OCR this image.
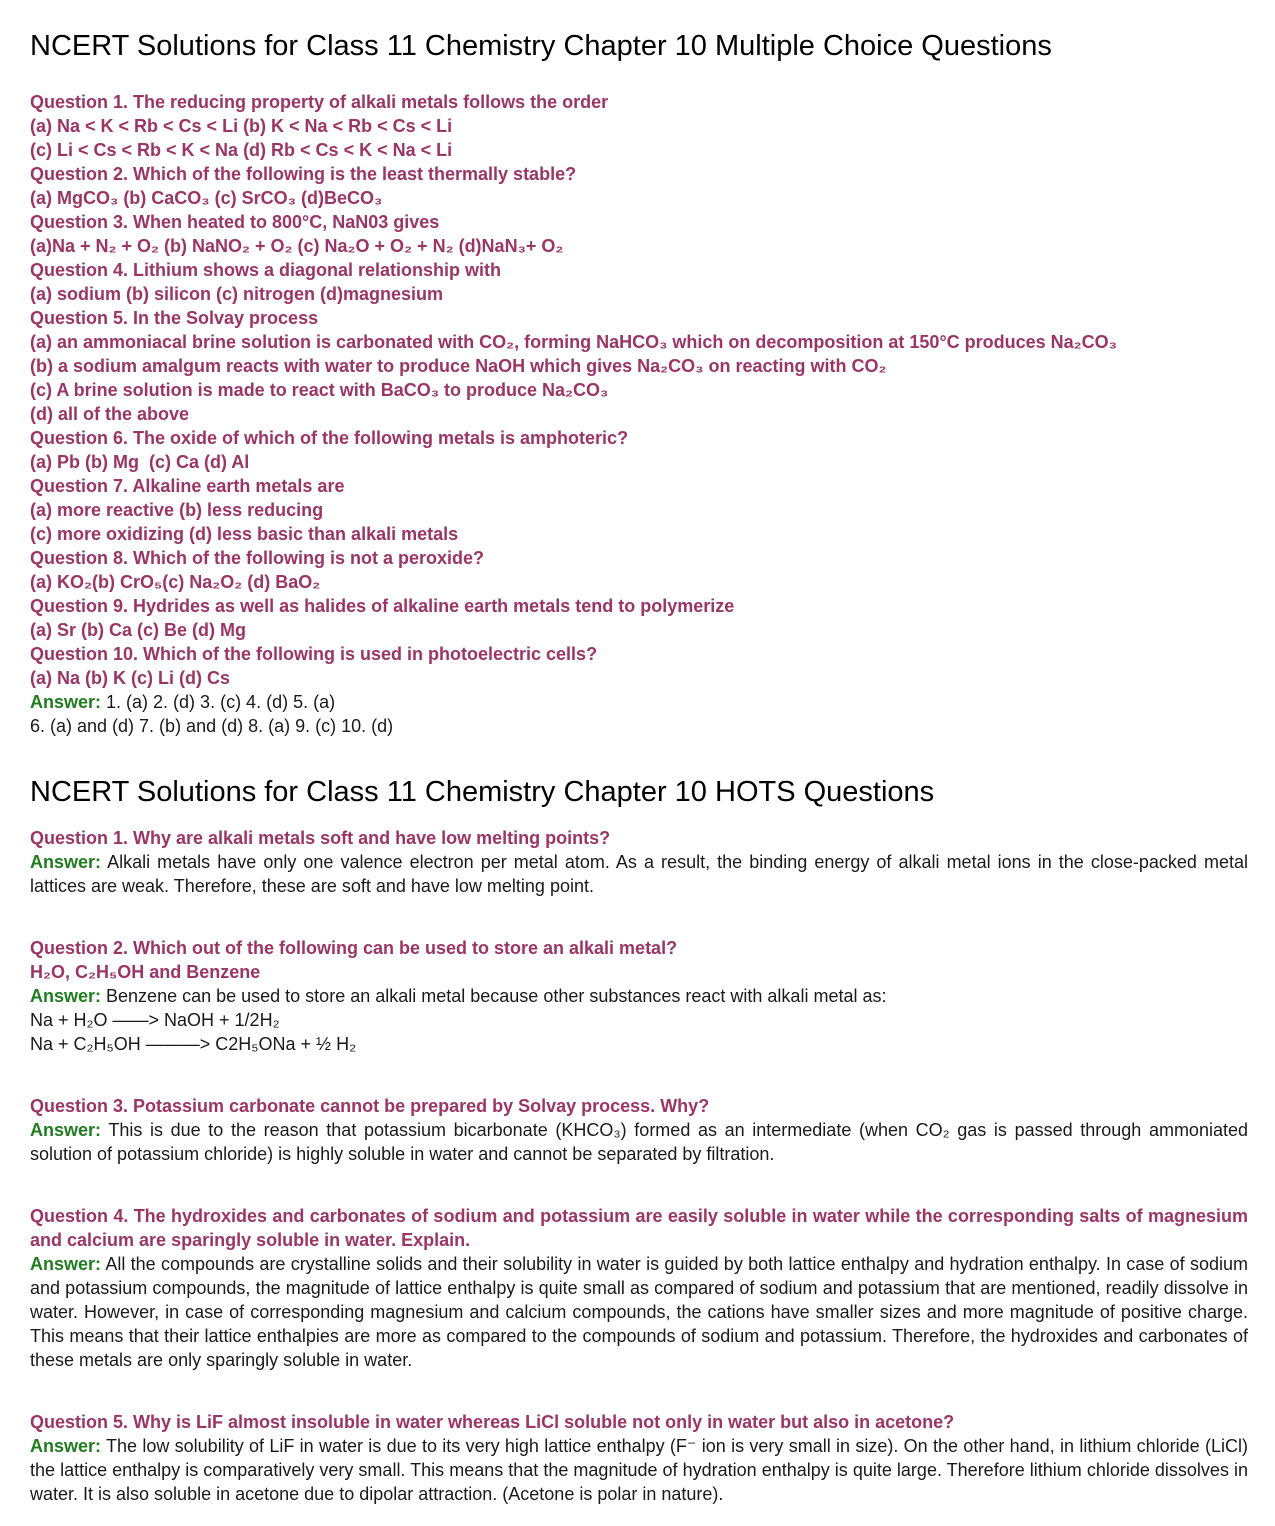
NCERT Solutions for Class 11 Chemistry Chapter 10 Multiple Choice Questions

Question 1. The reducing property of alkali metals follows the order

(a) Na < K < Rb < Cs < Li (b) K < Na < Rb < Cs < Li

(c) Li < Cs < Rb < K < Na (d) Rb < Cs < K < Na < Li

Question 2. Which of the following is the least thermally stable?

(a) MgCO₃ (b) CaCO₃ (c) SrCO₃ (d)BeCO₃

Question 3. When heated to 800°C, NaN03 gives

(a)Na + N₂ + O₂ (b) NaNO₂ + O₂ (c) Na₂O + O₂ + N₂ (d)NaN₃+ O₂

Question 4. Lithium shows a diagonal relationship with

(a) sodium (b) silicon (c) nitrogen (d)magnesium

Question 5. In the Solvay process

(a) an ammoniacal brine solution is carbonated with CO₂, forming NaHCO₃ which on decomposition at 150°C produces Na₂CO₃

(b) a sodium amalgum reacts with water to produce NaOH which gives Na₂CO₃ on reacting with CO₂

(c) A brine solution is made to react with BaCO₃ to produce Na₂CO₃

(d) all of the above

Question 6. The oxide of which of the following metals is amphoteric?

(a) Pb (b) Mg  (c) Ca (d) Al

Question 7. Alkaline earth metals are

(a) more reactive (b) less reducing

(c) more oxidizing (d) less basic than alkali metals

Question 8. Which of the following is not a peroxide?

(a) KO₂(b) CrO₅(c) Na₂O₂ (d) BaO₂

Question 9. Hydrides as well as halides of alkaline earth metals tend to polymerize

(a) Sr (b) Ca (c) Be (d) Mg

Question 10. Which of the following is used in photoelectric cells?

(a) Na (b) K (c) Li (d) Cs

Answer: 1. (a) 2. (d) 3. (c) 4. (d) 5. (a)

6. (a) and (d) 7. (b) and (d) 8. (a) 9. (c) 10. (d)

NCERT Solutions for Class 11 Chemistry Chapter 10 HOTS Questions

Question 1. Why are alkali metals soft and have low melting points?

Answer: Alkali metals have only one valence electron per metal atom. As a result, the binding energy of alkali metal ions in the close-packed metal lattices are weak. Therefore, these are soft and have low melting point.

Question 2. Which out of the following can be used to store an alkali metal?

H₂O, C₂H₅OH and Benzene

Answer: Benzene can be used to store an alkali metal because other substances react with alkali metal as:

Na + H₂O ——> NaOH + 1/2H₂

Na + C₂H₅OH ———> C2H₅ONa + ½ H₂

Question 3. Potassium carbonate cannot be prepared by Solvay process. Why?

Answer: This is due to the reason that potassium bicarbonate (KHCO₃) formed as an intermediate (when CO₂ gas is passed through ammoniated solution of potassium chloride) is highly soluble in water and cannot be separated by filtration.

Question 4. The hydroxides and carbonates of sodium and potassium are easily soluble in water while the corresponding salts of magnesium and calcium are sparingly soluble in water. Explain.

Answer: All the compounds are crystalline solids and their solubility in water is guided by both lattice enthalpy and hydration enthalpy. In case of sodium and potassium compounds, the magnitude of lattice enthalpy is quite small as compared of sodium and potassium that are mentioned, readily dissolve in water. However, in case of corresponding magnesium and calcium compounds, the cations have smaller sizes and more magnitude of positive charge. This means that their lattice enthalpies are more as compared to the compounds of sodium and potassium. Therefore, the hydroxides and carbonates of these metals are only sparingly soluble in water.

Question 5. Why is LiF almost insoluble in water whereas LiCl soluble not only in water but also in acetone?

Answer: The low solubility of LiF in water is due to its very high lattice enthalpy (F⁻ ion is very small in size). On the other hand, in lithium chloride (LiCl) the lattice enthalpy is comparatively very small. This means that the magnitude of hydration enthalpy is quite large. Therefore lithium chloride dissolves in water. It is also soluble in acetone due to dipolar attraction. (Acetone is polar in nature).
